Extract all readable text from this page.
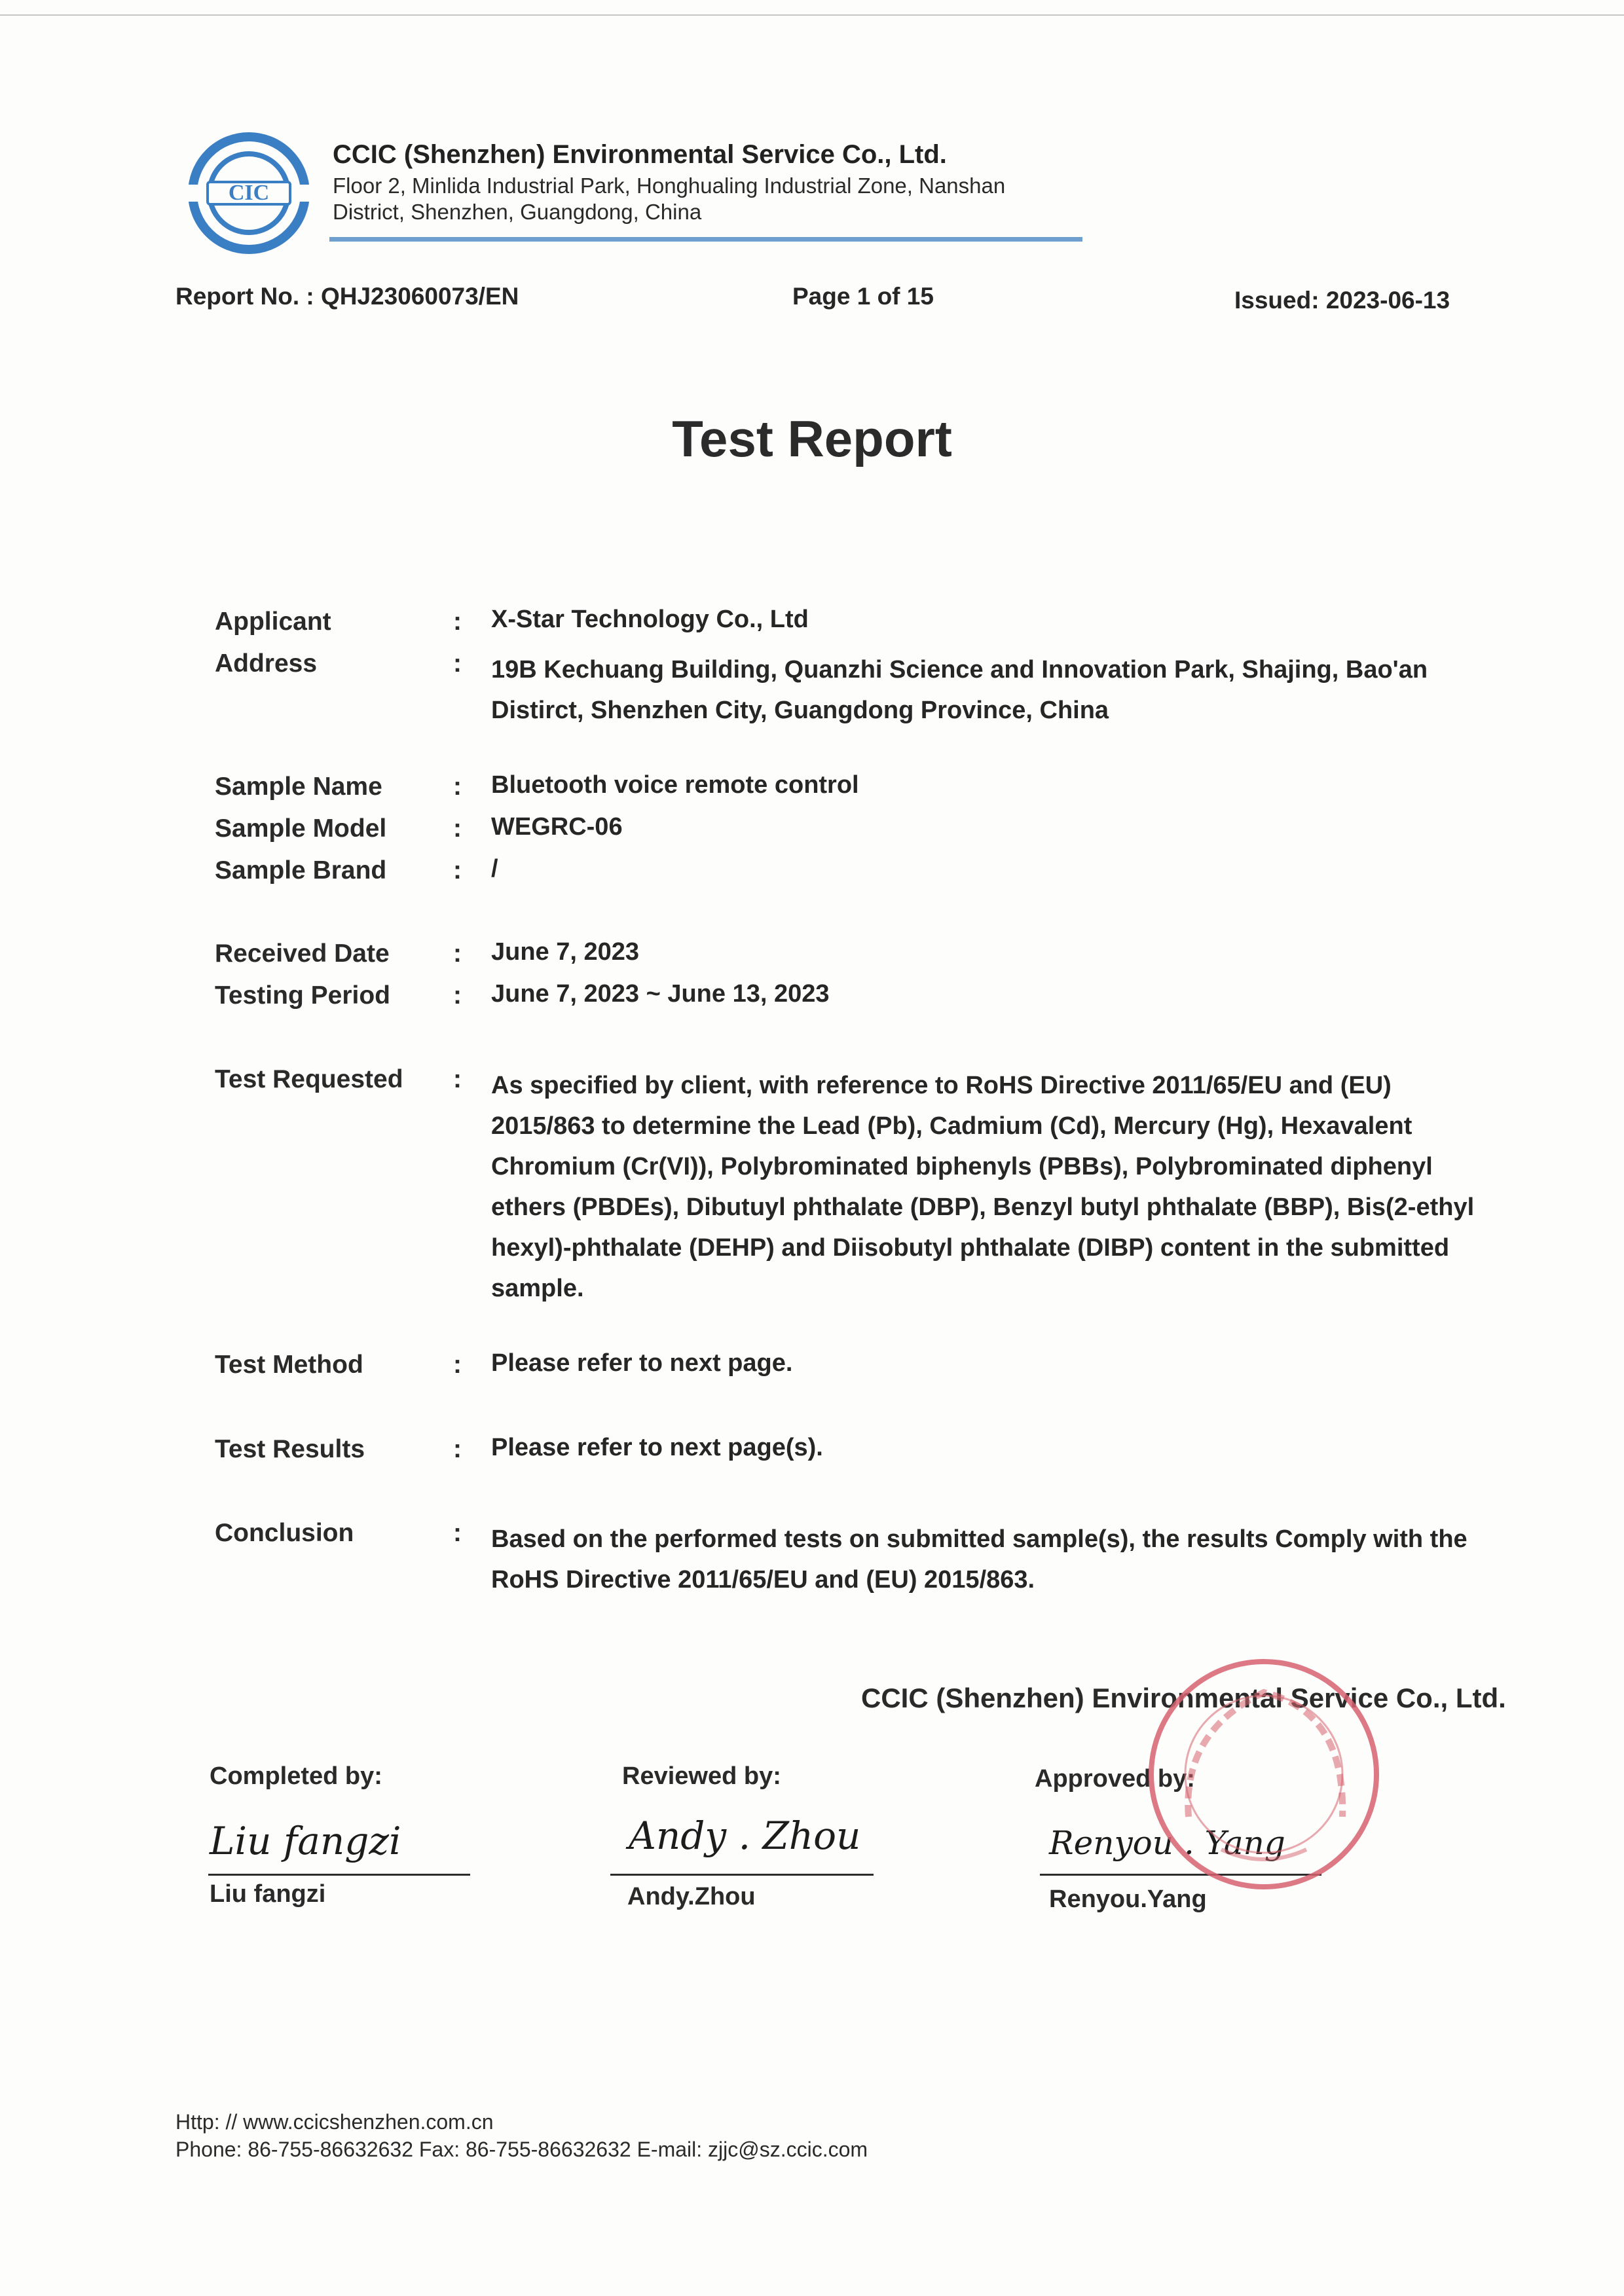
CIC
CCIC (Shenzhen) Environmental Service Co., Ltd.
Floor 2, Minlida Industrial Park, Honghualing Industrial Zone, Nanshan
District, Shenzhen, Guangdong, China
Report No. : QHJ23060073/EN	Page 1 of 15	Issued: 2023-06-13
Test Report
Applicant	: X-Star Technology Co., Ltd
Address	: 19B Kechuang Building, Quanzhi Science and Innovation Park, Shajing, Bao'an Distirct, Shenzhen City, Guangdong Province, China
Sample Name	: Bluetooth voice remote control
Sample Model	: WEGRC-06
Sample Brand	: /
Received Date : June 7, 2023
Testing Period : June 7, 2023 ~ June 13, 2023
Test Requested : As specified by client, with reference to RoHS Directive 2011/65/EU and (EU) 2015/863 to determine the Lead (Pb), Cadmium (Cd), Mercury (Hg), Hexavalent Chromium (Cr(VI)), Polybrominated biphenyls (PBBs), Polybrominated diphenyl ethers (PBDEs), Dibutuyl phthalate (DBP), Benzyl butyl phthalate (BBP), Bis(2-ethyl hexyl)-phthalate (DEHP) and Diisobutyl phthalate (DIBP) content in the submitted sample.
Test Method	: Please refer to next page.
Test Results	: Please refer to next page(s).
Conclusion	: Based on the performed tests on submitted sample(s), the results Comply with the RoHS Directive 2011/65/EU and (EU) 2015/863.
CCIC (Shenzhen) Environmental Service Co., Ltd.
Completed by:	Reviewed by:	Approved by:
Liu fangzi	Andy . Zhou	Renyou . Yang
Liu fangzi	Andy.Zhou	Renyou.Yang
Http: // www.ccicshenzhen.com.cn
Phone: 86-755-86632632 Fax: 86-755-86632632 E-mail: zjjc@sz.ccic.com
